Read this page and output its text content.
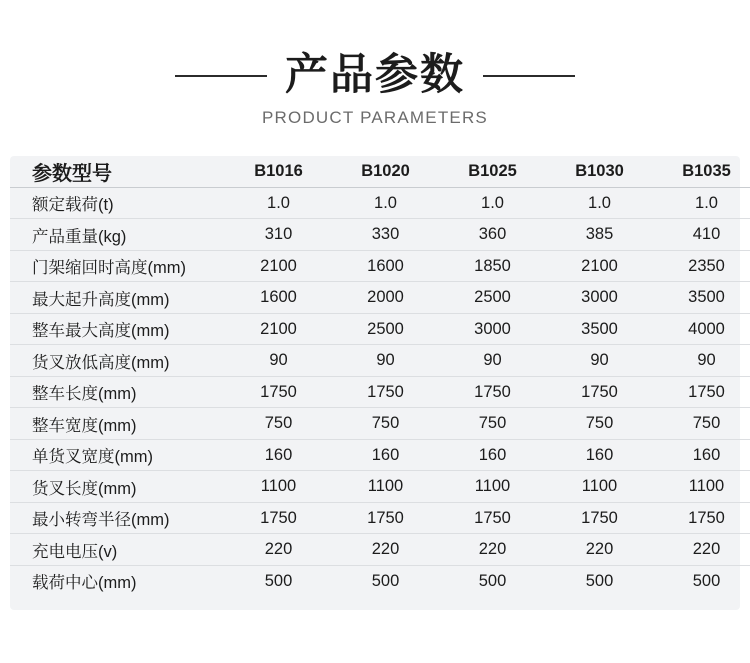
产品参数
PRODUCT PARAMETERS
参数型号	B1016	B1020	B1025	B1030	B1035
额定载荷(t)	1.0	1.0	1.0	1.0	1.0
产品重量(kg)	310	330	360	385	410
门架缩回时高度(mm)	2100	1600	1850	2100	2350
最大起升高度(mm)	1600	2000	2500	3000	3500
整车最大高度(mm)	2100	2500	3000	3500	4000
货叉放低高度(mm)	90	90	90	90	90
整车长度(mm)	1750	1750	1750	1750	1750
整车宽度(mm)	750	750	750	750	750
单货叉宽度(mm)	160	160	160	160	160
货叉长度(mm)	1100	1100	1100	1100	1100
最小转弯半径(mm)	1750	1750	1750	1750	1750
充电电压(v)	220	220	220	220	220
载荷中心(mm)	500	500	500	500	500
